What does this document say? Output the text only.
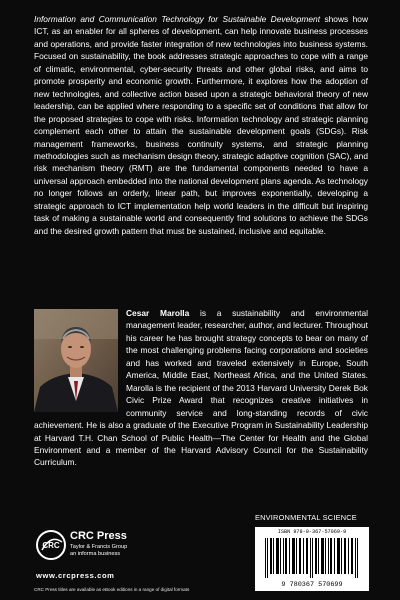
Information and Communication Technology for Sustainable Development shows how ICT, as an enabler for all spheres of development, can help innovate business processes and operations, and provide faster integration of new technologies into business systems. Focused on sustainability, the book addresses strategic approaches to cope with a range of climatic, environmental, cyber-security threats and other global risks, and aims to promote prosperity and economic growth. Furthermore, it explores how the adoption of new technologies, and collective action based upon a strategic behavioral theory of new leadership, can be applied where responding to a specific set of conditions that allow for the proposed strategies to cope with risks. Information technology and strategic planning complement each other to attain the sustainable development goals (SDGs). Risk management frameworks, business continuity systems, and strategic planning methodologies such as mechanism design theory, strategic adaptive cognition (SAC), and risk mechanism theory (RMT) are the fundamental components needed to have a universal approach embedded into the national development plans agenda. As technology no longer follows an orderly, linear path, but improves exponentially, developing a strategic approach to ICT implementation help world leaders in the difficult but inspiring task of making a sustainable world and consequently find solutions to achieve the SDGs and the desired growth pattern that must be sustained, inclusive and equitable.

Cesar Marolla is a sustainability and environmental management leader, researcher, author, and lecturer. Throughout his career he has brought strategy concepts to bear on many of the most challenging problems facing corporations and societies and has worked and traveled extensively in Europe, South America, Middle East, Northeast Africa, and the United States. Marolla is the recipient of the 2013 Harvard University Derek Bok Civic Prize Award that recognizes creative initiatives in community service and long-standing records of civic achievement. He is also a graduate of the Executive Program in Sustainability Leadership at Harvard T.H. Chan School of Public Health—The Center for Health and the Global Environment and a member of the Harvard Advisory Council for the Sustainability Curriculum.

ENVIRONMENTAL SCIENCE
ISBN 978-0-367-57069-9
9 780367 570699
CRC
CRC Press
Taylor & Francis Group
an informa business
www.crcpress.com
CRC Press titles are available as eBook editions in a range of digital formats
